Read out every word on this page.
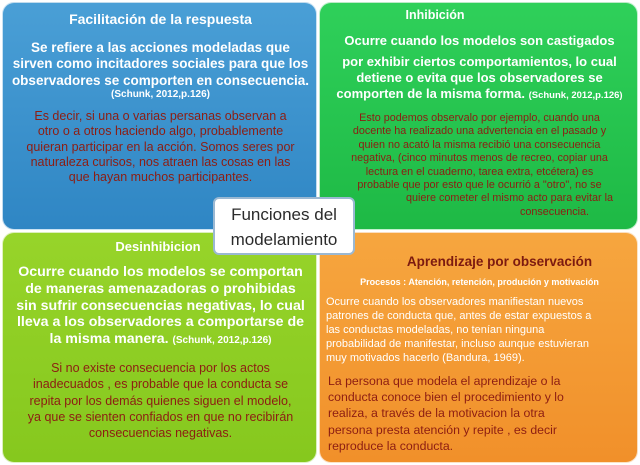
Facilitación de la respuesta
Se refiere a las acciones modeladas que
sirven como incitadores sociales para que los
observadores se comporten en consecuencia.
(Schunk, 2012,p.126)
Es decir, si una o varias persanas observan a
otro o a otros haciendo algo, probablemente
quieran participar en la acción. Somos seres por
naturaleza curisos, nos atraen las cosas en las
que hayan muchos participantes.
Inhibición
Ocurre cuando los modelos son castigados
por exhibir ciertos comportamientos, lo cual
detiene o evita que los observadores se
comporten de la misma forma. (Schunk, 2012,p.126)
Esto podemos observalo por ejemplo, cuando una
docente ha realizado una advertencia en el pasado y
quien no acató la misma recibió una consecuencia
negativa, (cinco minutos menos de recreo, copiar una
lectura en el cuaderno, tarea extra, etcétera) es
probable que por esto que le ocurrió a "otro", no se
quiere cometer el mismo acto para evitar la
consecuencia.
Desinhibicion
Ocurre cuando los modelos se comportan
de maneras amenazadoras o prohibidas
sin sufrir consecuencias negativas, lo cual
lleva a los observadores a comportarse de
la misma manera. (Schunk, 2012,p.126)
Si no existe consecuencia por los actos
inadecuados , es probable que la conducta se
repita por los demás quienes siguen el modelo,
ya que se sienten confiados en que no recibirán
consecuencias negativas.
Aprendizaje por observación
Procesos : Atención, retención, produción y motivación
Ocurre cuando los observadores manifiestan nuevos
patrones de conducta que, antes de estar expuestos a
las conductas modeladas, no tenían ninguna
probabilidad de manifestar, incluso aunque estuvieran
muy motivados hacerlo (Bandura, 1969).
La persona que modela el aprendizaje o la
conducta conoce bien el procedimiento y lo
realiza, a través de la motivacion la otra
persona presta atención y repite , es decir
reproduce la conducta.
Funciones del
modelamiento
